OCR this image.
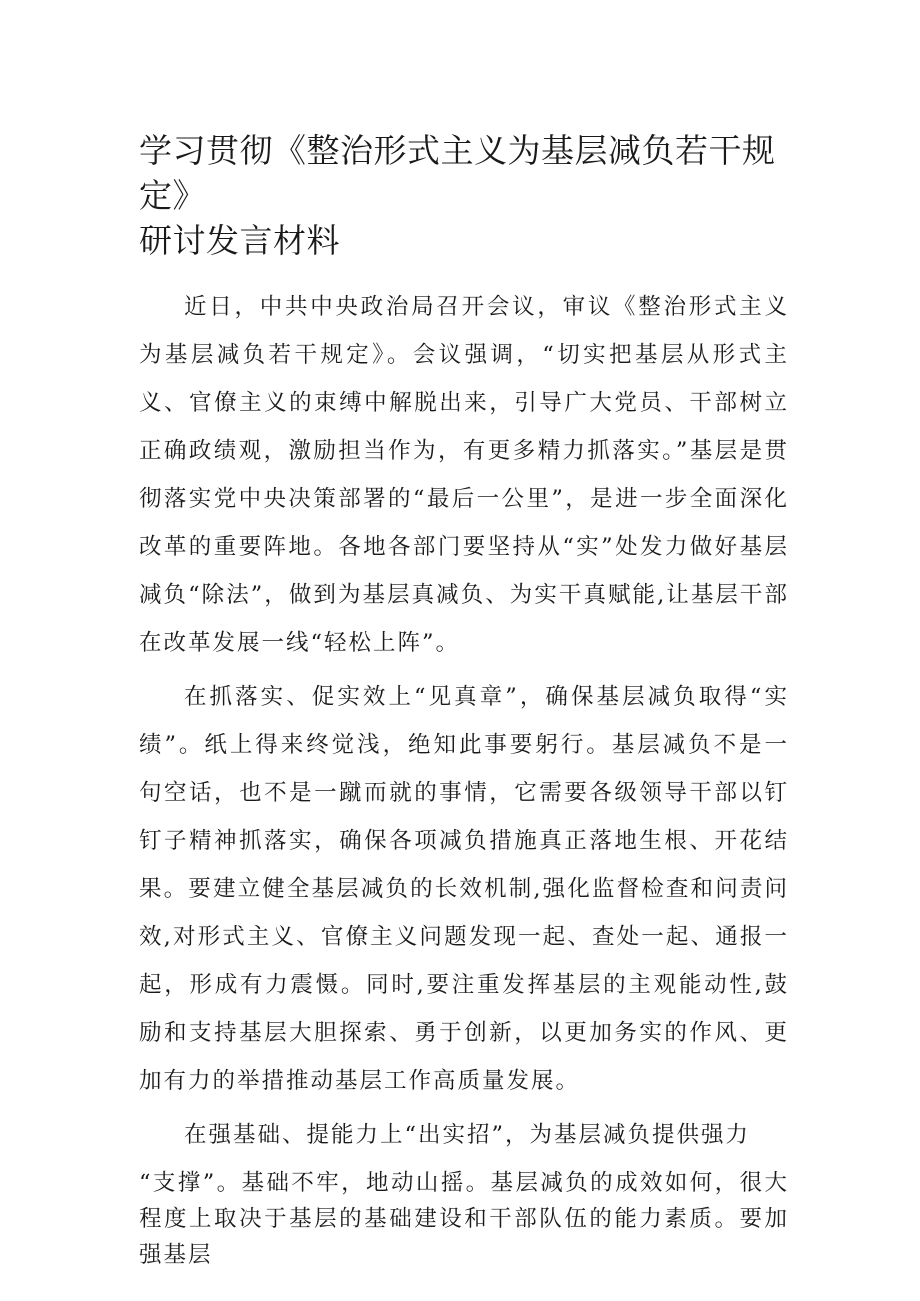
学习贯彻《整治形式主义为基层减负若干规定》
研讨发言材料

近日，中共中央政治局召开会议，审议《整治形式主义为基层减负若干规定》。会议强调，“切实把基层从形式主义、官僚主义的束缚中解脱出来，引导广大党员、干部树立正确政绩观，激励担当作为，有更多精力抓落实。”基层是贯彻落实党中央决策部署的“最后一公里”，是进一步全面深化改革的重要阵地。各地各部门要坚持从“实”处发力做好基层减负“除法”，做到为基层真减负、为实干真赋能,让基层干部在改革发展一线“轻松上阵”。

在抓落实、促实效上“见真章”，确保基层减负取得“实绩”。纸上得来终觉浅，绝知此事要躬行。基层减负不是一句空话，也不是一蹴而就的事情，它需要各级领导干部以钉钉子精神抓落实，确保各项减负措施真正落地生根、开花结果。要建立健全基层减负的长效机制,强化监督检查和问责问效,对形式主义、官僚主义问题发现一起、查处一起、通报一起，形成有力震慑。同时,要注重发挥基层的主观能动性,鼓励和支持基层大胆探索、勇于创新，以更加务实的作风、更加有力的举措推动基层工作高质量发展。

在强基础、提能力上“出实招”，为基层减负提供强力

“支撑”。基础不牢，地动山摇。基层减负的成效如何，很大程度上取决于基层的基础建设和干部队伍的能力素质。要加强基层
